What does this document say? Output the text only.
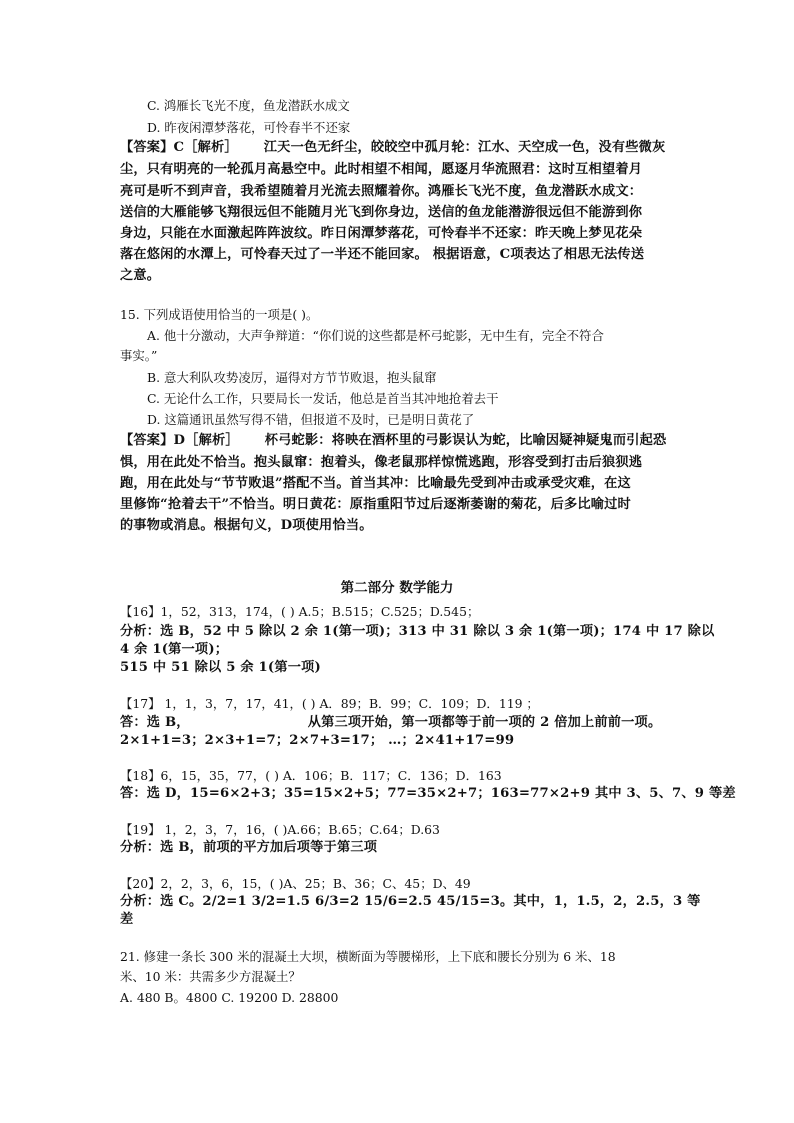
C. 鸿雁长飞光不度，鱼龙潜跃水成文
D. 昨夜闲潭梦落花，可怜春半不还家
【答案】C［解析］ 江天一色无纤尘，皎皎空中孤月轮：江水、天空成一色，没有些微灰
尘，只有明亮的一轮孤月高悬空中。此时相望不相闻，愿逐月华流照君：这时互相望着月
亮可是听不到声音，我希望随着月光流去照耀着你。鸿雁长飞光不度，鱼龙潜跃水成文：
送信的大雁能够飞翔很远但不能随月光飞到你身边，送信的鱼龙能潜游很远但不能游到你
身边，只能在水面激起阵阵波纹。昨日闲潭梦落花，可怜春半不还家：昨天晚上梦见花朵
落在悠闲的水潭上，可怜春天过了一半还不能回家。 根据语意，C项表达了相思无法传送
之意。
15. 下列成语使用恰当的一项是( )。
A. 他十分激动，大声争辩道：“你们说的这些都是杯弓蛇影，无中生有，完全不符合
事实。”
B. 意大利队攻势凌厉，逼得对方节节败退，抱头鼠窜
C. 无论什么工作，只要局长一发话，他总是首当其冲地抢着去干
D. 这篇通讯虽然写得不错，但报道不及时，已是明日黄花了
【答案】D［解析］ 杯弓蛇影：将映在酒杯里的弓影误认为蛇，比喻因疑神疑鬼而引起恐
惧，用在此处不恰当。抱头鼠窜：抱着头，像老鼠那样惊慌逃跑，形容受到打击后狼狈逃
跑，用在此处与“节节败退”搭配不当。首当其冲：比喻最先受到冲击或承受灾难，在这
里修饰“抢着去干”不恰当。明日黄花：原指重阳节过后逐渐萎谢的菊花，后多比喻过时
的事物或消息。根据句义，D项使用恰当。
第二部分 数学能力
【16】1，52，313，174，( ) A.5；B.515；C.525；D.545；
分析：选 B，52 中 5 除以 2 余 1(第一项)；313 中 31 除以 3 余 1(第一项)；174 中 17 除以
4 余 1(第一项)；
515 中 51 除以 5 余 1(第一项)
【17】 1，1，3，7，17，41，( ) A．89；B．99；C．109；D．119 ；
答：选 B，	从第三项开始，第一项都等于前一项的 2 倍加上前前一项。
2×1+1=3；2×3+1=7；2×7+3=17； …；2×41+17=99
【18】6，15，35，77，( ) A．106；B．117；C．136；D．163
答：选 D，15=6×2+3；35=15×2+5；77=35×2+7；163=77×2+9 其中 3、5、7、9 等差
【19】 1，2，3，7，16，( )A.66；B.65；C.64；D.63
分析：选 B，前项的平方加后项等于第三项
【20】2，2，3，6，15，( )A、25；B、36；C、45；D、49
分析：选 C。2/2=1 3/2=1.5 6/3=2 15/6=2.5 45/15=3。其中，1，1.5，2，2.5，3 等
差
21. 修建一条长 300 米的混凝土大坝，横断面为等腰梯形，上下底和腰长分别为 6 米、18
米、10 米：共需多少方混凝土？
A. 480 B。4800 C. 19200 D. 28800
